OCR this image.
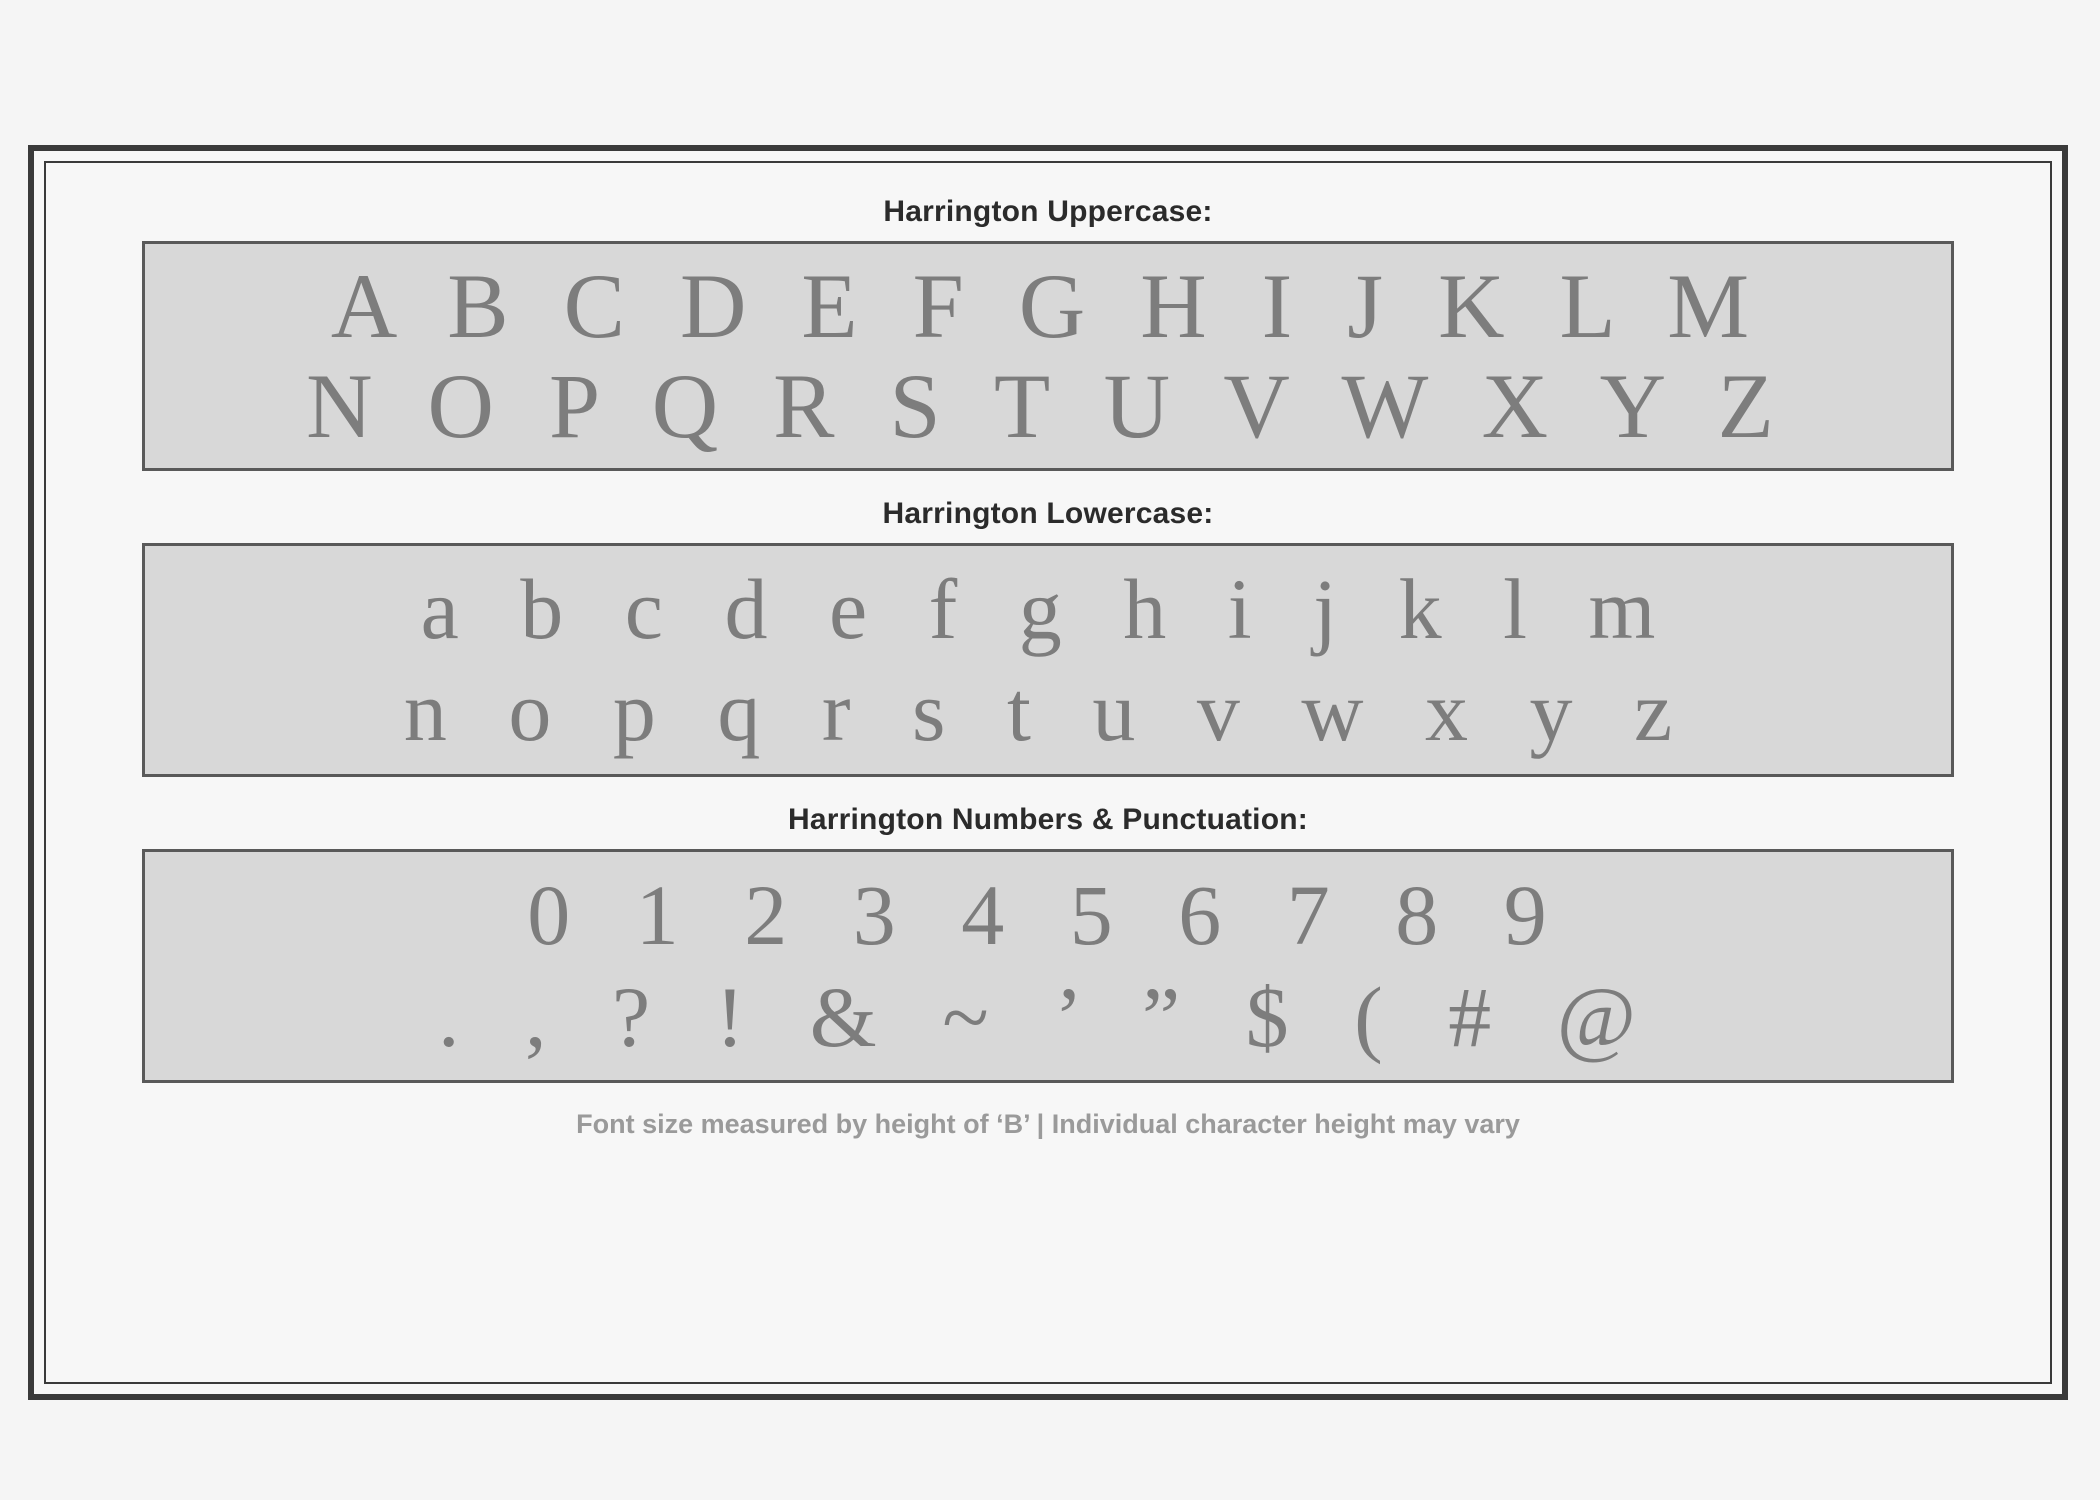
Harrington Uppercase:
A B C D E F G H I J K L M
N O P Q R S T U V W X Y Z
Harrington Lowercase:
a b c d e f g h i j k l m
n o p q r s t u v w x y z
Harrington Numbers & Punctuation:
0 1 2 3 4 5 6 7 8 9
. , ? ! & ~ ’ ” $ ( # @
Font size measured by height of ‘B’ | Individual character height may vary
